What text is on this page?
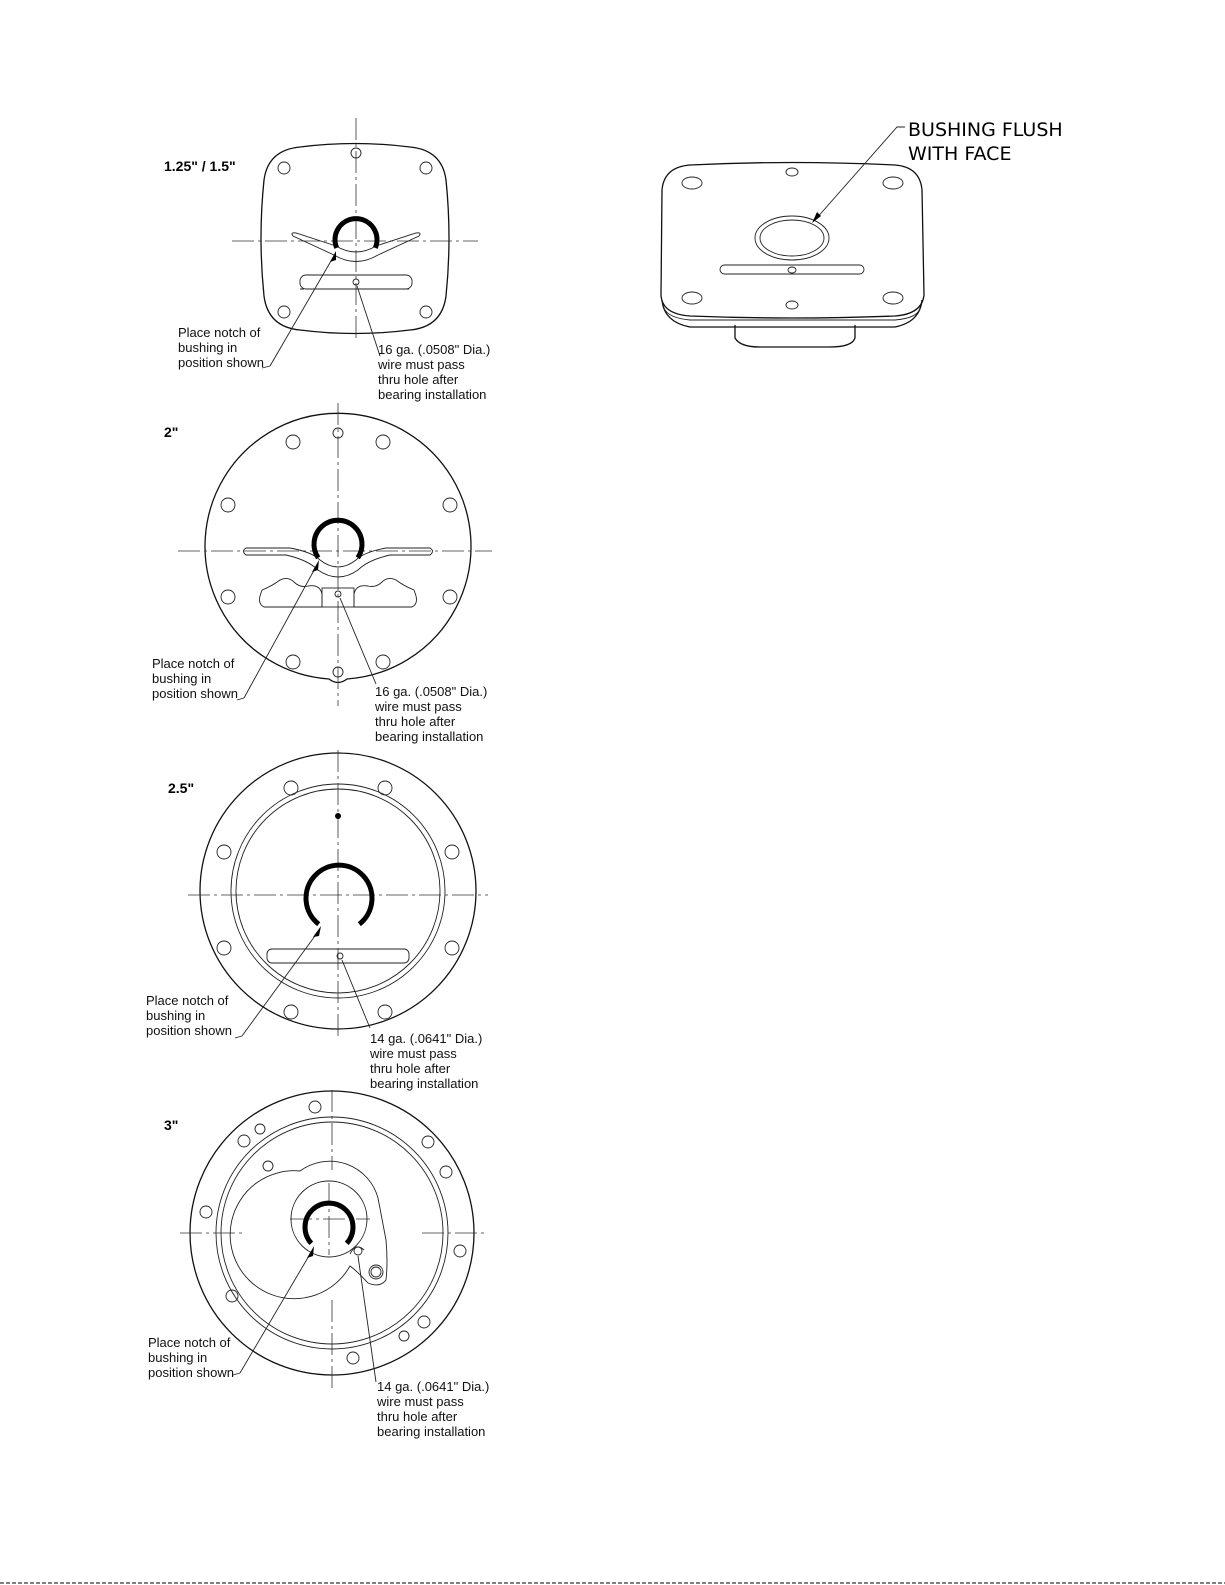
1.25" / 1.5"
Place notch of
bushing in
position shown
16 ga. (.0508" Dia.)
wire must pass
thru hole after
bearing installation
2"
Place notch of
bushing in
position shown	16 ga. (.0508" Dia.)
wire must pass
thru hole after
bearing installation
2.5"
Place notch of
bushing in
position shown
14 ga. (.0641" Dia.)
wire must pass
thru hole after
bearing installation
3"
Place notch of
bushing in
position shown
14 ga. (.0641" Dia.)
wire must pass
thru hole after
bearing installation
BUSHING FLUSH
WITH FACE
